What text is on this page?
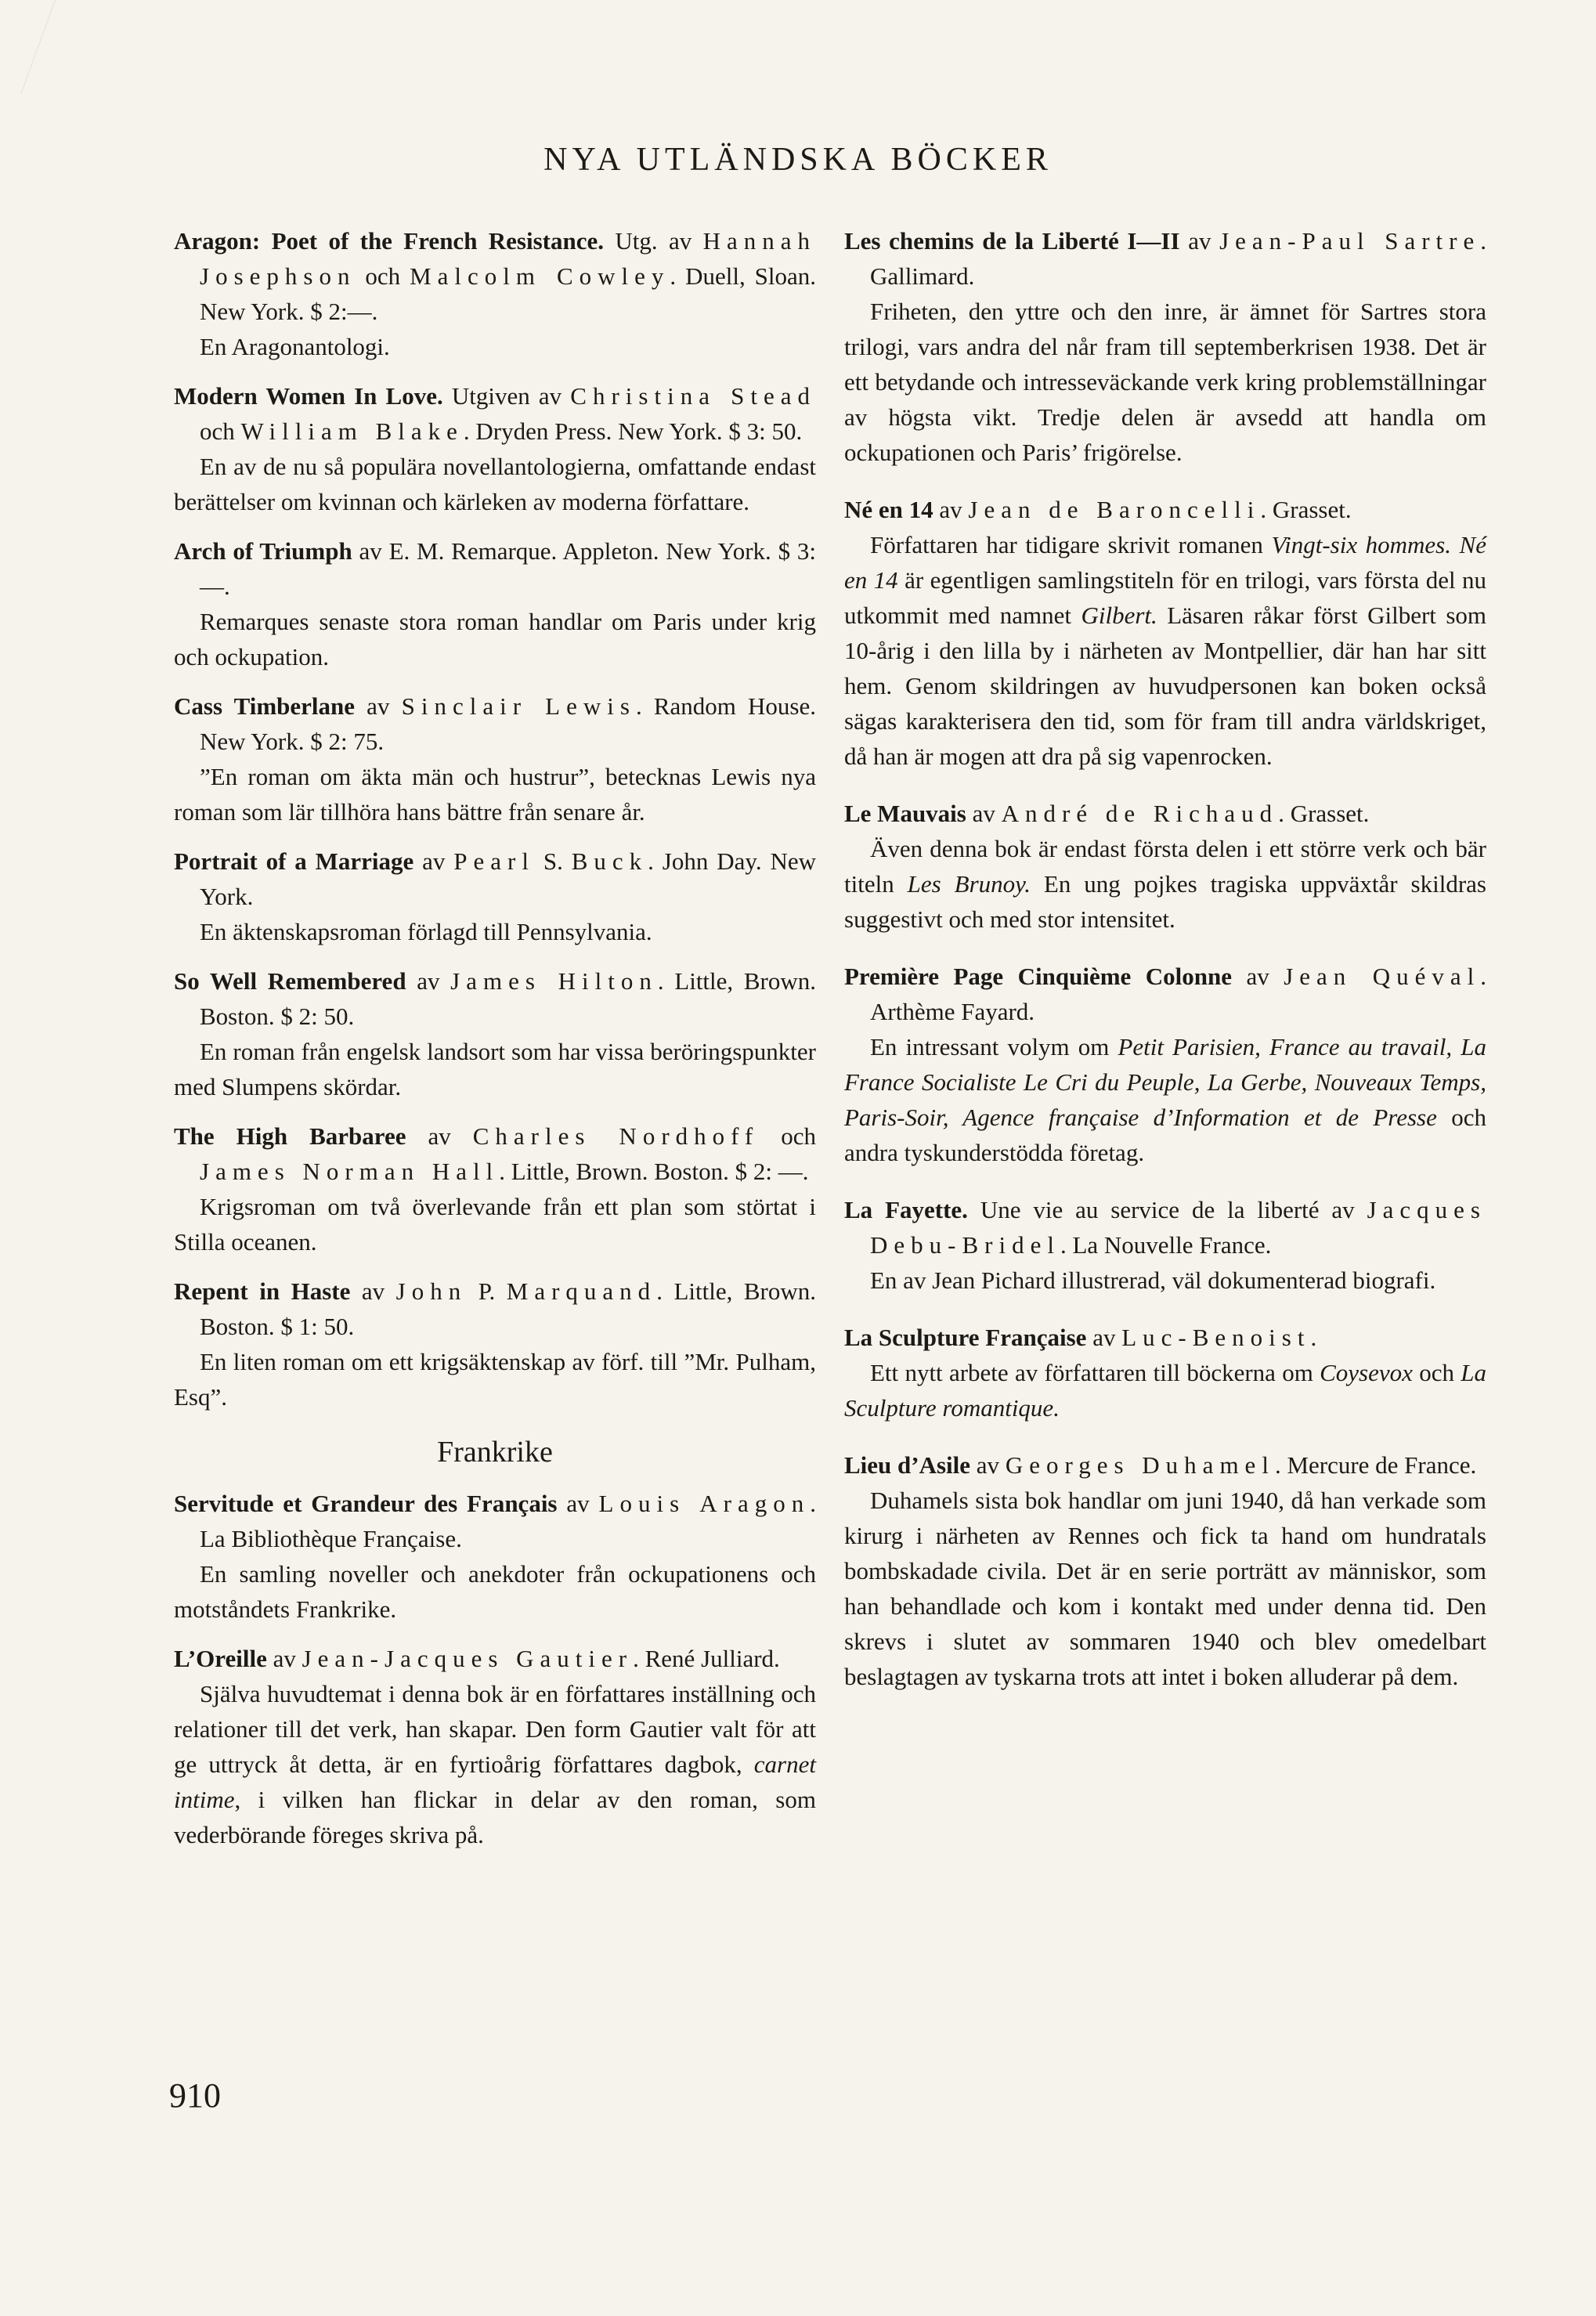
NYA UTLÄNDSKA BÖCKER
Aragon: Poet of the French Resistance. Utg. av Hannah Josephson och Malcolm Cowley. Duell, Sloan. New York. $ 2:—.
En Aragonantologi.
Modern Women In Love. Utgiven av Christina Stead och William Blake. Dryden Press. New York. $ 3: 50.
En av de nu så populära novellantologierna, omfattande endast berättelser om kvinnan och kärleken av moderna författare.
Arch of Triumph av E. M. Remarque. Appleton. New York. $ 3: —.
Remarques senaste stora roman handlar om Paris under krig och ockupation.
Cass Timberlane av Sinclair Lewis. Random House. New York. $ 2: 75.
”En roman om äkta män och hustrur”, betecknas Lewis nya roman som lär tillhöra hans bättre från senare år.
Portrait of a Marriage av Pearl S. Buck. John Day. New York.
En äktenskapsroman förlagd till Pennsylvania.
So Well Remembered av James Hilton. Little, Brown. Boston. $ 2: 50.
En roman från engelsk landsort som har vissa beröringspunkter med Slumpens skördar.
The High Barbaree av Charles Nordhoff och James Norman Hall. Little, Brown. Boston. $ 2: —.
Krigsroman om två överlevande från ett plan som störtat i Stilla oceanen.
Repent in Haste av John P. Marquand. Little, Brown. Boston. $ 1: 50.
En liten roman om ett krigsäktenskap av förf. till ”Mr. Pulham, Esq”.
Frankrike
Servitude et Grandeur des Français av Louis Aragon. La Bibliothèque Française.
En samling noveller och anekdoter från ockupationens och motståndets Frankrike.
L’Oreille av Jean-Jacques Gautier. René Julliard.
Själva huvudtemat i denna bok är en författares inställning och relationer till det verk, han skapar. Den form Gautier valt för att ge uttryck åt detta, är en fyrtioårig författares dagbok, carnet intime, i vilken han flickar in delar av den roman, som vederbörande föreges skriva på.
Les chemins de la Liberté I—II av Jean-Paul Sartre. Gallimard.
Friheten, den yttre och den inre, är ämnet för Sartres stora trilogi, vars andra del når fram till septemberkrisen 1938. Det är ett betydande och intresseväckande verk kring problemställningar av högsta vikt. Tredje delen är avsedd att handla om ockupationen och Paris’ frigörelse.
Né en 14 av Jean de Baroncelli. Grasset.
Författaren har tidigare skrivit romanen Vingt-six hommes. Né en 14 är egentligen samlingstiteln för en trilogi, vars första del nu utkommit med namnet Gilbert. Läsaren råkar först Gilbert som 10-årig i den lilla by i närheten av Montpellier, där han har sitt hem. Genom skildringen av huvudpersonen kan boken också sägas karakterisera den tid, som för fram till andra världskriget, då han är mogen att dra på sig vapenrocken.
Le Mauvais av André de Richaud. Grasset.
Även denna bok är endast första delen i ett större verk och bär titeln Les Brunoy. En ung pojkes tragiska uppväxtår skildras suggestivt och med stor intensitet.
Première Page Cinquième Colonne av Jean Quéval. Arthème Fayard.
En intressant volym om Petit Parisien, France au travail, La France Socialiste Le Cri du Peuple, La Gerbe, Nouveaux Temps, Paris-Soir, Agence française d’Information et de Presse och andra tyskunderstödda företag.
La Fayette. Une vie au service de la liberté av Jacques Debu-Bridel. La Nouvelle France.
En av Jean Pichard illustrerad, väl dokumenterad biografi.
La Sculpture Française av Luc-Benoist.
Ett nytt arbete av författaren till böckerna om Coysevox och La Sculpture romantique.
Lieu d’Asile av Georges Duhamel. Mercure de France.
Duhamels sista bok handlar om juni 1940, då han verkade som kirurg i närheten av Rennes och fick ta hand om hundratals bombskadade civila. Det är en serie porträtt av människor, som han behandlade och kom i kontakt med under denna tid. Den skrevs i slutet av sommaren 1940 och blev omedelbart beslagtagen av tyskarna trots att intet i boken alluderar på dem.
910
